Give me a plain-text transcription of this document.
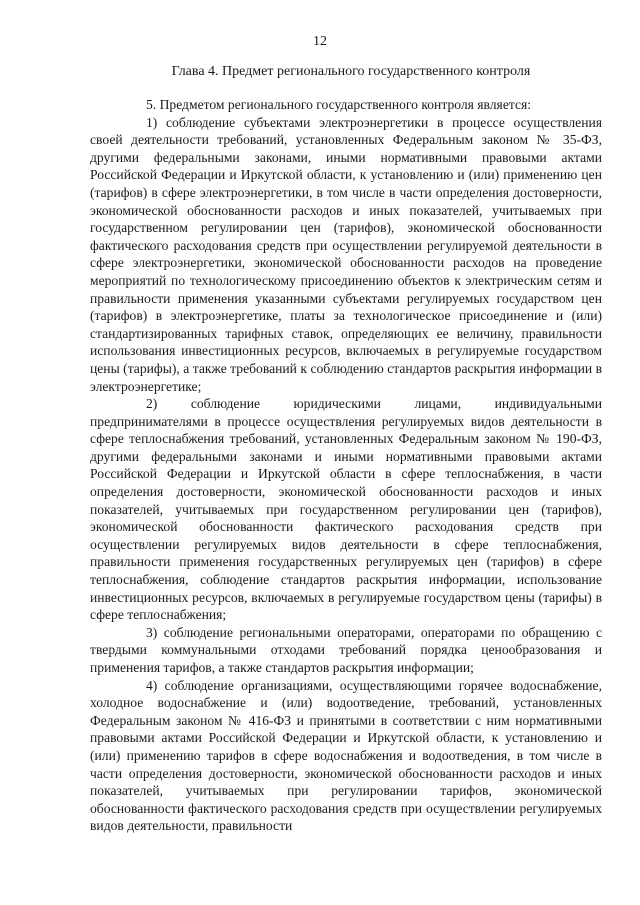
12
Глава 4. Предмет регионального государственного контроля

5. Предметом регионального государственного контроля является:

1) соблюдение субъектами электроэнергетики в процессе осуществления своей деятельности требований, установленных Федеральным законом № 35-ФЗ, другими федеральными законами, иными нормативными правовыми актами Российской Федерации и Иркутской области, к установлению и (или) применению цен (тарифов) в сфере электроэнергетики, в том числе в части определения достоверности, экономической обоснованности расходов и иных показателей, учитываемых при государственном регулировании цен (тарифов), экономической обоснованности фактического расходования средств при осуществлении регулируемой деятельности в сфере электроэнергетики, экономической обоснованности расходов на проведение мероприятий по технологическому присоединению объектов к электрическим сетям и правильности применения указанными субъектами регулируемых государством цен (тарифов) в электроэнергетике, платы за технологическое присоединение и (или) стандартизированных тарифных ставок, определяющих ее величину, правильности использования инвестиционных ресурсов, включаемых в регулируемые государством цены (тарифы), а также требований к соблюдению стандартов раскрытия информации в электроэнергетике;

2) соблюдение юридическими лицами, индивидуальными предпринимателями в процессе осуществления регулируемых видов деятельности в сфере теплоснабжения требований, установленных Федеральным законом № 190-ФЗ, другими федеральными законами и иными нормативными правовыми актами Российской Федерации и Иркутской области в сфере теплоснабжения, в части определения достоверности, экономической обоснованности расходов и иных показателей, учитываемых при государственном регулировании цен (тарифов), экономической обоснованности фактического расходования средств при осуществлении регулируемых видов деятельности в сфере теплоснабжения, правильности применения государственных регулируемых цен (тарифов) в сфере теплоснабжения, соблюдение стандартов раскрытия информации, использование инвестиционных ресурсов, включаемых в регулируемые государством цены (тарифы) в сфере теплоснабжения;

3) соблюдение региональными операторами, операторами по обращению с твердыми коммунальными отходами требований порядка ценообразования и применения тарифов, а также стандартов раскрытия информации;

4) соблюдение организациями, осуществляющими горячее водоснабжение, холодное водоснабжение и (или) водоотведение, требований, установленных Федеральным законом № 416-ФЗ и принятыми в соответствии с ним нормативными правовыми актами Российской Федерации и Иркутской области, к установлению и (или) применению тарифов в сфере водоснабжения и водоотведения, в том числе в части определения достоверности, экономической обоснованности расходов и иных показателей, учитываемых при регулировании тарифов, экономической обоснованности фактического расходования средств при осуществлении регулируемых видов деятельности, правильности
